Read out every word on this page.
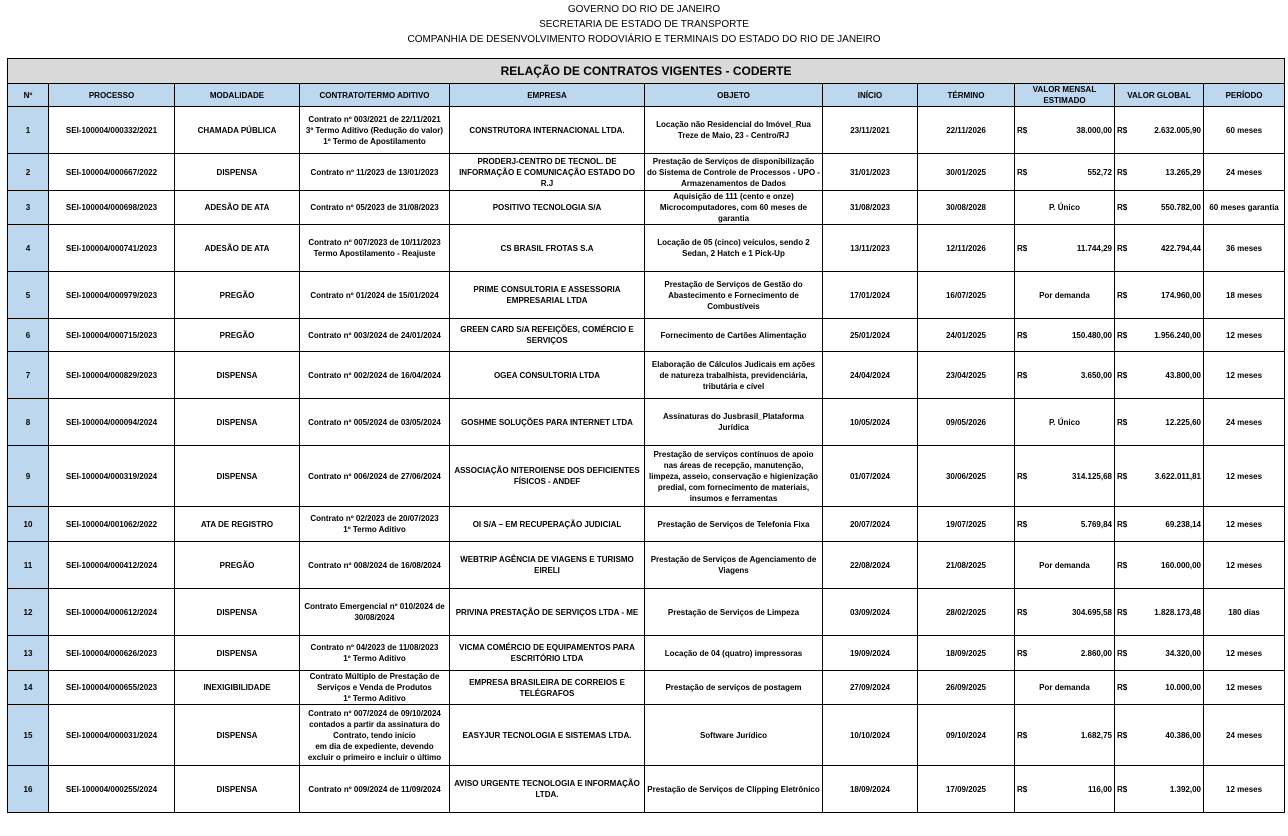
GOVERNO DO RIO DE JANEIRO
SECRETARIA DE ESTADO DE TRANSPORTE
COMPANHIA DE DESENVOLVIMENTO RODOVIÁRIO E TERMINAIS DO ESTADO DO RIO DE JANEIRO
RELAÇÃO DE CONTRATOS VIGENTES - CODERTE										
Nº	PROCESSO	MODALIDADE	CONTRATO/TERMO ADITIVO	EMPRESA	OBJETO	INÍCIO	TÉRMINO	VALOR MENSAL ESTIMADO	VALOR GLOBAL	PERÍODO
1	SEI-100004/000332/2021	CHAMADA PÚBLICA	Contrato nº 003/2021 de 22/11/2021
3º Termo Aditivo (Redução do valor)
1º Termo de Apostilamento	CONSTRUTORA INTERNACIONAL LTDA.	Locação não Residencial do Imóvel_Rua Treze de Maio, 23 - Centro/RJ	23/11/2021	22/11/2026	R$ 38.000,00	R$ 2.632.005,90	60 meses
2	SEI-100004/000667/2022	DISPENSA	Contrato nº 11/2023 de 13/01/2023	PRODERJ-CENTRO DE TECNOL. DE INFORMAÇÃO E COMUNICAÇÃO ESTADO DO R.J	Prestação de Serviços de disponibilização do Sistema de Controle de Processos - UPO - Armazenamentos de Dados	31/01/2023	30/01/2025	R$ 552,72	R$ 13.265,29	24 meses
3	SEI-100004/000698/2023	ADESÃO DE ATA	Contrato nº 05/2023 de 31/08/2023	POSITIVO TECNOLOGIA S/A	Aquisição de 111 (cento e onze) Microcomputadores, com 60 meses de garantia	31/08/2023	30/08/2028	P. Único	R$ 550.782,00	60 meses garantia
4	SEI-100004/000741/2023	ADESÃO DE ATA	Contrato nº 007/2023 de 10/11/2023
Termo Apostilamento - Reajuste	CS BRASIL FROTAS S.A	Locação de 05 (cinco) veículos, sendo 2 Sedan, 2 Hatch e 1 Pick-Up	13/11/2023	12/11/2026	R$ 11.744,29	R$ 422.794,44	36 meses
5	SEI-100004/000979/2023	PREGÃO	Contrato nº 01/2024 de 15/01/2024	PRIME CONSULTORIA E ASSESSORIA EMPRESARIAL LTDA	Prestação de Serviços de Gestão do Abastecimento e Fornecimento de Combustíveis	17/01/2024	16/07/2025	Por demanda	R$ 174.960,00	18 meses
6	SEI-100004/000715/2023	PREGÃO	Contrato nº 003/2024 de 24/01/2024	GREEN CARD S/A REFEIÇÕES, COMÉRCIO E SERVIÇOS	Fornecimento de Cartões Alimentação	25/01/2024	24/01/2025	R$ 150.480,00	R$ 1.956.240,00	12 meses
7	SEI-100004/000829/2023	DISPENSA	Contrato nº 002/2024 de 16/04/2024	OGEA CONSULTORIA LTDA	Elaboração de Cálculos Judicais em ações de natureza trabalhista, previdenciária, tributária e cível	24/04/2024	23/04/2025	R$ 3.650,00	R$ 43.800,00	12 meses
8	SEI-100004/000094/2024	DISPENSA	Contrato nº 005/2024 de 03/05/2024	GOSHME SOLUÇÕES PARA INTERNET LTDA	Assinaturas do Jusbrasil_Plataforma Jurídica	10/05/2024	09/05/2026	P. Único	R$ 12.225,60	24 meses
9	SEI-100004/000319/2024	DISPENSA	Contrato nº 006/2024 de 27/06/2024	ASSOCIAÇÃO NITEROIENSE DOS DEFICIENTES FÍSICOS - ANDEF	Prestação de serviços contínuos de apoio nas áreas de recepção, manutenção, limpeza, asseio, conservação e higienização predial, com fornecimento de materiais, insumos e ferramentas	01/07/2024	30/06/2025	R$ 314.125,68	R$ 3.622.011,81	12 meses
10	SEI-100004/001062/2022	ATA DE REGISTRO	Contrato nº 02/2023 de 20/07/2023
1º Termo Aditivo	OI S/A – EM RECUPERAÇÃO JUDICIAL	Prestação de Serviços de Telefonia Fixa	20/07/2024	19/07/2025	R$ 5.769,84	R$ 69.238,14	12 meses
11	SEI-100004/000412/2024	PREGÃO	Contrato nº 008/2024 de 16/08/2024	WEBTRIP AGÊNCIA DE VIAGENS E TURISMO EIRELI	Prestação de Serviços de Agenciamento de Viagens	22/08/2024	21/08/2025	Por demanda	R$ 160.000,00	12 meses
12	SEI-100004/000612/2024	DISPENSA	Contrato Emergencial nº 010/2024 de 30/08/2024	PRIVINA PRESTAÇÃO DE SERVIÇOS LTDA - ME	Prestação de Serviços de Limpeza	03/09/2024	28/02/2025	R$ 304.695,58	R$ 1.828.173,48	180 dias
13	SEI-100004/000626/2023	DISPENSA	Contrato nº 04/2023 de 11/08/2023
1º Termo Aditivo	VICMA COMÉRCIO DE EQUIPAMENTOS PARA ESCRITÓRIO LTDA	Locação de 04 (quatro) impressoras	19/09/2024	18/09/2025	R$ 2.860,00	R$ 34.320,00	12 meses
14	SEI-100004/000655/2023	INEXIGIBILIDADE	Contrato Múltiplo de Prestação de Serviços e Venda de Produtos
1º Termo Aditivo	EMPRESA BRASILEIRA DE CORREIOS E TELÉGRAFOS	Prestação de serviços de postagem	27/09/2024	26/09/2025	Por demanda	R$ 10.000,00	12 meses
15	SEI-100004/000031/2024	DISPENSA	Contrato nº 007/2024 de 09/10/2024
contados a partir da assinatura do Contrato, tendo início
em dia de expediente, devendo excluir o primeiro e incluir o último	EASYJUR TECNOLOGIA E SISTEMAS LTDA.	Software Jurídico	10/10/2024	09/10/2024	R$ 1.682,75	R$ 40.386,00	24 meses
16	SEI-100004/000255/2024	DISPENSA	Contrato nº 009/2024 de 11/09/2024	AVISO URGENTE TECNOLOGIA E INFORMAÇÃO LTDA.	Prestação de Serviços de Clipping Eletrônico	18/09/2024	17/09/2025	R$ 116,00	R$ 1.392,00	12 meses
